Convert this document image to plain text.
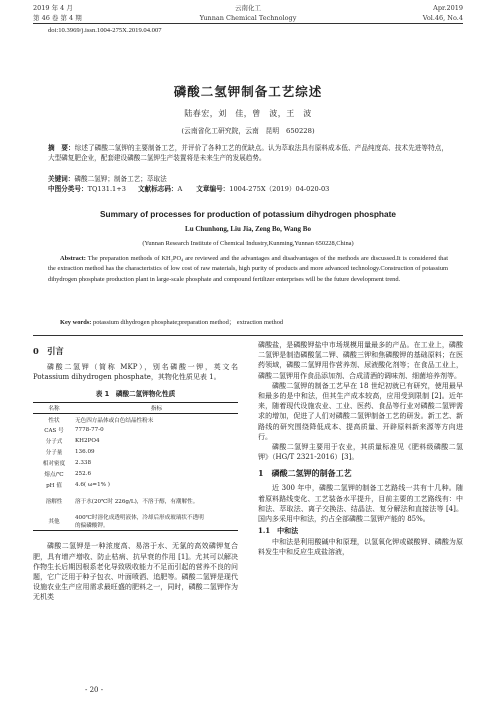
2019 年 4 月
第 46 卷 第 4 期
云南化工
Yunnan Chemical Technology
Apr.2019
Vol.46, No.4
doi:10.3969/j.issn.1004-275X.2019.04.007
磷酸二氢钾制备工艺综述
陆春宏，刘　佳，曾　波，王　波
(云南省化工研究院，云南　昆明　650228)
摘　要：综述了磷酸二氢钾的主要制备工艺，并评价了各种工艺的优缺点。认为萃取法具有原料成本低、产品纯度高、技术先进等特点，大型磷复肥企业，配套建设磷酸二氢钾生产装置将是未来生产的发展趋势。
关键词：磷酸二氢钾；制备工艺；萃取法
中图分类号：TQ131.1+3 文献标志码：A 文章编号：1004-275X（2019）04-020-03
Summary of processes for production of potassium dihydrogen phosphate
Lu Chunhong, Liu Jia, Zeng Bo, Wang Bo
(Yunnan Research Institute of Chemical Industry,Kunming,Yunnan 650228,China)
Abstract: The preparation methods of KH₂PO₄ are reviewed and the advantages and disadvantages of the methods are discussed.It is considered that the extraction method has the characteristics of low cost of raw materials, high purity of products and more advanced technology.Construction of potassium dihydrogen phosphate production plant in large-scale phosphate and compound fertilizer enterprises will be the future development trend.
Key words: potassium dihydrogen phosphate;preparation method； extraction method
0　引言

磷酸二氢钾（简称 MKP），别名磷酸一钾，英文名 Potassium dihydrogen phosphate，其物化性质见表 1。

表 1　磷酸二氢钾物化性质
名称	指标
性状	无色四方晶体或白色结晶性粉末
CAS 号	7778-77-0
分子式	KH2PO4
分子量	136.09
相对密度	2.338
熔点/℃	252.6
pH 值	4.6( ω=1% )
溶解性	溶于水(20℃时 226g/L)，不溶于醇，有潮解性。
其他	400℃时溶化成透明液体，冷却后形成玻璃状不透明的偏磷酸钾。

磷酸二氢钾是一种浓度高、易溶于水、无氯的高效磷钾复合肥，具有增产增收、防止枯病、抗早衰的作用 [1]。尤其可以解决作物生长后期因根系老化导致吸收能力不足而引起的营养不良的问题，它广泛用于种子包衣、叶面喷洒、追肥等。磷酸二氢钾是现代设施农业生产应用需求最旺盛的肥料之一，同时，磷酸二氢钾作为无机类

磷酸盐，是磷酸钾盐中市场规模用量最多的产品。在工业上，磷酸二氢钾是制造磷酸氢二钾、磷酸三钾和焦磷酸钾的基础原料；在医药领域，磷酸二氢钾用作营养剂、尿液酸化剂等；在食品工业上，磷酸二氢钾用作食品添加剂、合成清酒的调味剂、细菌培养剂等。

磷酸二氢钾的制备工艺早在 18 世纪初就已有研究，使用最早和最多的是中和法，但其生产成本较高，应用受到限制 [2]。近年来，随着现代设施农业、工业、医药、食品等行业对磷酸二氢钾需求的增加，促进了人们对磷酸二氢钾制备工艺的研发。新工艺、新路线的研究围绕降低成本、提高质量、开辟原料新来源等方向进行。

磷酸二氢钾主要用于农业，其质量标准见《肥料级磷酸二氢钾》（HG/T 2321-2016）[3]。

1　磷酸二氢钾的制备工艺

近 300 年中，磷酸二氢钾的制备工艺路线一共有十几种。随着原料路线变化、工艺装备水平提升，目前主要的工艺路线有：中和法、萃取法、离子交换法、结晶法、复分解法和直接法等 [4]。国内多采用中和法，约占全部磷酸二氢钾产能的 85%。

1.1　中和法

中和法是利用酸碱中和原理，以氢氧化钾或碳酸钾、磷酸为原料发生中和反应生成盐溶液，

- 20 -
